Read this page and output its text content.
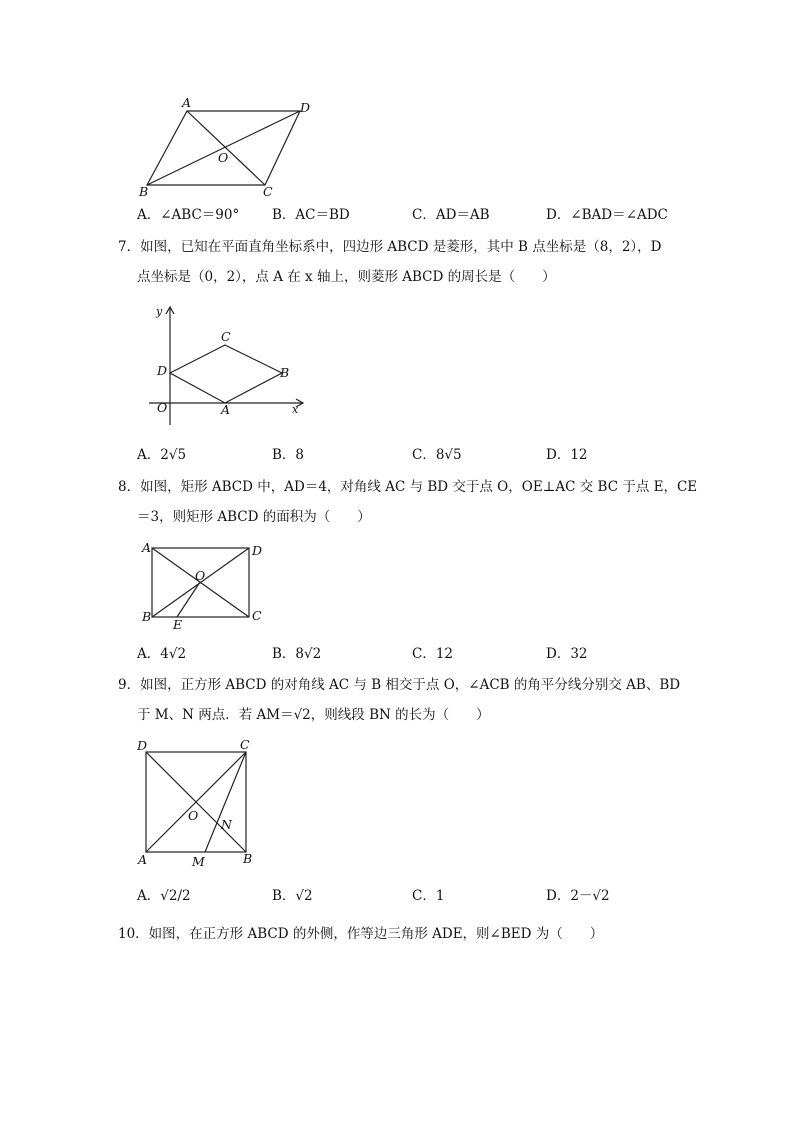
A	D
B	C
O
A．∠ABC＝90° B．AC＝BD	C．AD＝AB	D．∠BAD＝∠ADC
7．如图，已知在平面直角坐标系中，四边形 ABCD 是菱形，其中 B 点坐标是（8，2），D
点坐标是（0，2），点 A 在 x 轴上，则菱形 ABCD 的周长是（　　）
y
x
O	A
B
C
D
A．2√5	B．8	C．8√5	D．12
8．如图，矩形 ABCD 中，AD＝4，对角线 AC 与 BD 交于点 O，OE⊥AC 交 BC 于点 E，CE
＝3，则矩形 ABCD 的面积为（　　）
A	D
B	C
O
E
A．4√2	B．8√2	C．12	D．32
9．如图，正方形 ABCD 的对角线 AC 与 B 相交于点 O，∠ACB 的角平分线分别交 AB、BD
于 M、N 两点．若 AM＝√2，则线段 BN 的长为（　　）
D	C
O
N
A	M	B
A．√2/2	B．√2	C．1	D．2－√2
10．如图，在正方形 ABCD 的外侧，作等边三角形 ADE，则∠BED 为（　　）
